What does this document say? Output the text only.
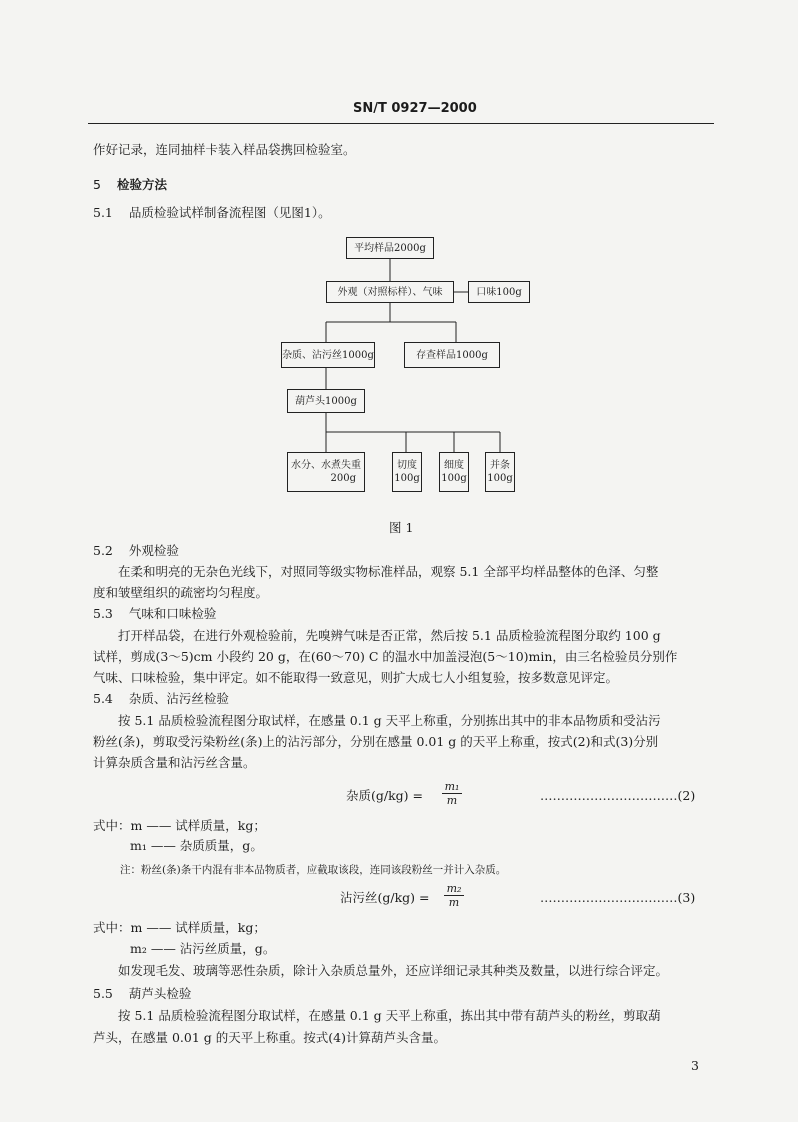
SN/T 0927—2000
作好记录，连同抽样卡装入样品袋携回检验室。
5 检验方法
5.1 品质检验试样制备流程图（见图1）。
平均样品2000g
外观（对照标样）、气味	口味100g
杂质、沾污丝1000g	存查样品1000g
葫芦头1000g
水分、水煮失重
200g
切度
100g
细度
100g
并条
100g
图 1
5.2 外观检验
在柔和明亮的无杂色光线下，对照同等级实物标准样品，观察 5.1 全部平均样品整体的色泽、匀整
度和皱壁组织的疏密均匀程度。
5.3 气味和口味检验
打开样品袋，在进行外观检验前，先嗅辨气味是否正常，然后按 5.1 品质检验流程图分取约 100 g
试样，剪成(3～5)cm 小段约 20 g，在(60～70) C 的温水中加盖浸泡(5～10)min，由三名检验员分别作
气味、口味检验，集中评定。如不能取得一致意见，则扩大成七人小组复验，按多数意见评定。
5.4 杂质、沾污丝检验
按 5.1 品质检验流程图分取试样，在感量 0.1 g 天平上称重，分别拣出其中的非本品物质和受沾污
粉丝(条)，剪取受污染粉丝(条)上的沾污部分，分别在感量 0.01 g 的天平上称重，按式(2)和式(3)分别
计算杂质含量和沾污丝含量。
杂质$(g/kg) = \frac{\text{m₁}}{m}$	……………………………(2)
式中：m —— 试样质量，kg；
m₁ —— 杂质质量，g。
注：粉丝(条)条干内混有非本品物质者，应截取该段，连同该段粉丝一并计入杂质。
沾污丝$(g/kg) = \frac{\text{m₂}}{m}$	……………………………(3)
式中：m —— 试样质量，kg；
m₂ —— 沾污丝质量，g。
如发现毛发、玻璃等恶性杂质，除计入杂质总量外，还应详细记录其种类及数量，以进行综合评定。
5.5 葫芦头检验
按 5.1 品质检验流程图分取试样，在感量 0.1 g 天平上称重，拣出其中带有葫芦头的粉丝，剪取葫
芦头，在感量 0.01 g 的天平上称重。按式(4)计算葫芦头含量。
3
